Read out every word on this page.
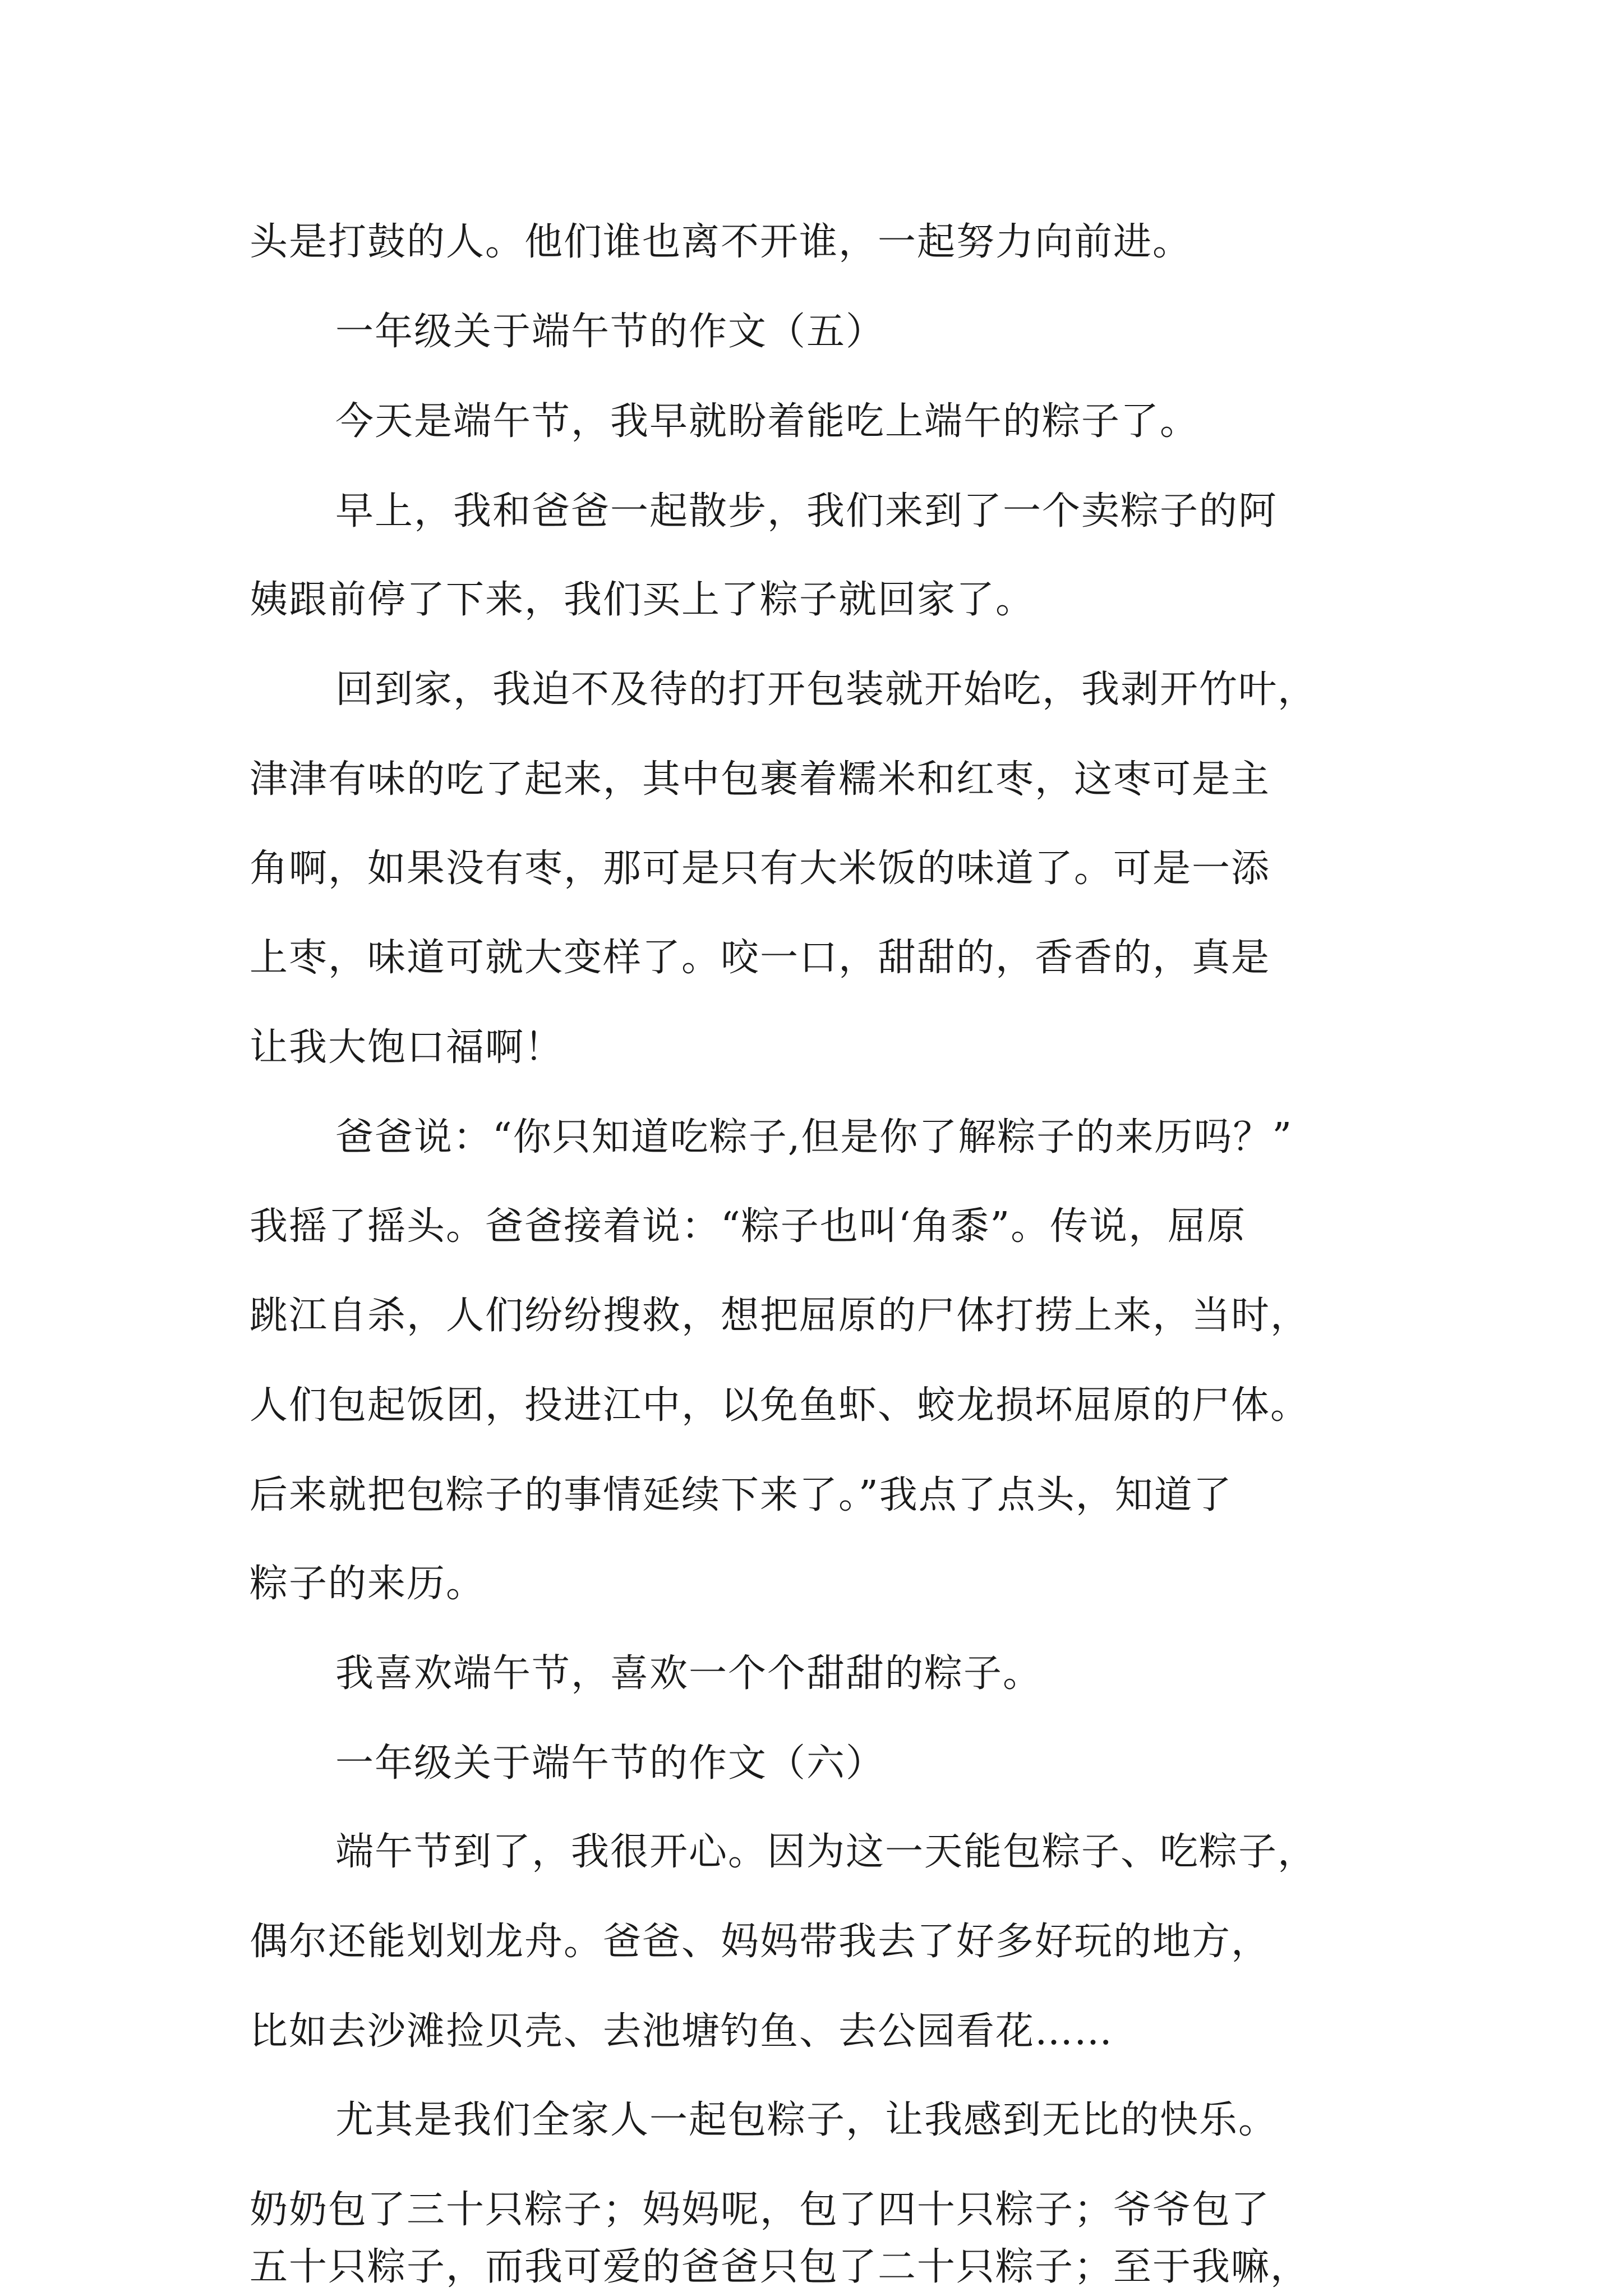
头是打鼓的人。他们谁也离不开谁，一起努力向前进。
一年级关于端午节的作文（五）
今天是端午节，我早就盼着能吃上端午的粽子了。
早上，我和爸爸一起散步，我们来到了一个卖粽子的阿
姨跟前停了下来，我们买上了粽子就回家了。
回到家，我迫不及待的打开包装就开始吃，我剥开竹叶，
津津有味的吃了起来，其中包裹着糯米和红枣，这枣可是主
角啊，如果没有枣，那可是只有大米饭的味道了。可是一添
上枣，味道可就大变样了。咬一口，甜甜的，香香的，真是
让我大饱口福啊！
爸爸说：“你只知道吃粽子,但是你了解粽子的来历吗？”
我摇了摇头。爸爸接着说：“粽子也叫‘角黍”。传说，屈原
跳江自杀，人们纷纷搜救，想把屈原的尸体打捞上来，当时，
人们包起饭团，投进江中，以免鱼虾、蛟龙损坏屈原的尸体。
后来就把包粽子的事情延续下来了。”我点了点头，知道了
粽子的来历。
我喜欢端午节，喜欢一个个甜甜的粽子。
一年级关于端午节的作文（六）
端午节到了，我很开心。因为这一天能包粽子、吃粽子，
偶尔还能划划龙舟。爸爸、妈妈带我去了好多好玩的地方，
比如去沙滩捡贝壳、去池塘钓鱼、去公园看花……
尤其是我们全家人一起包粽子，让我感到无比的快乐。
奶奶包了三十只粽子；妈妈呢，包了四十只粽子；爷爷包了
五十只粽子，而我可爱的爸爸只包了二十只粽子；至于我嘛，
